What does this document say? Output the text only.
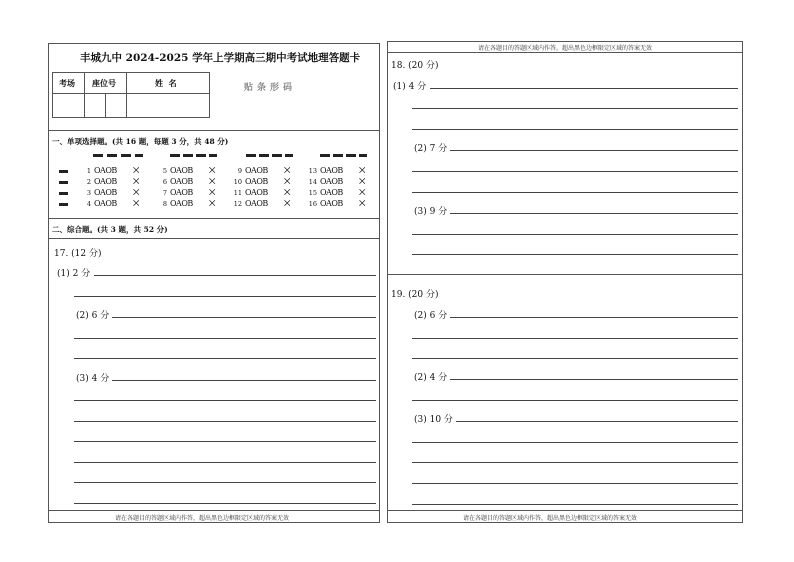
丰城九中 2024-2025 学年上学期高三期中考试地理答题卡
考场 座位号	姓  名	贴条形码
一、单项选择题。(共 16 题，每题 3 分，共 48 分)
1
2
3
4
OAOB
OAOB
OAOB
OAOB
⨉
⨉
⨉
⨉
5
6
7
8
OAOB
OAOB
OAOB
OAOB
⨉
⨉
⨉
⨉
9
10
11
12
OAOB
OAOB
OAOB
OAOB
⨉
⨉
⨉
⨉
13
14
15
16
OAOB
OAOB
OAOB
OAOB
⨉
⨉
⨉
⨉
二、综合题。(共 3 题，共 52 分)
17. (12 分)
(1) 2 分
(2) 6 分
(3) 4 分
请在各题目的答题区域内作答，超出黑色边框限定区域的答案无效
请在各题目的答题区域内作答，超出黑色边框限定区域的答案无效
18. (20 分)
(1) 4 分
(2) 7 分
(3) 9 分
19. (20 分)
(2) 6 分
(2) 4 分
(3) 10 分
请在各题目的答题区域内作答，超出黑色边框限定区域的答案无效
